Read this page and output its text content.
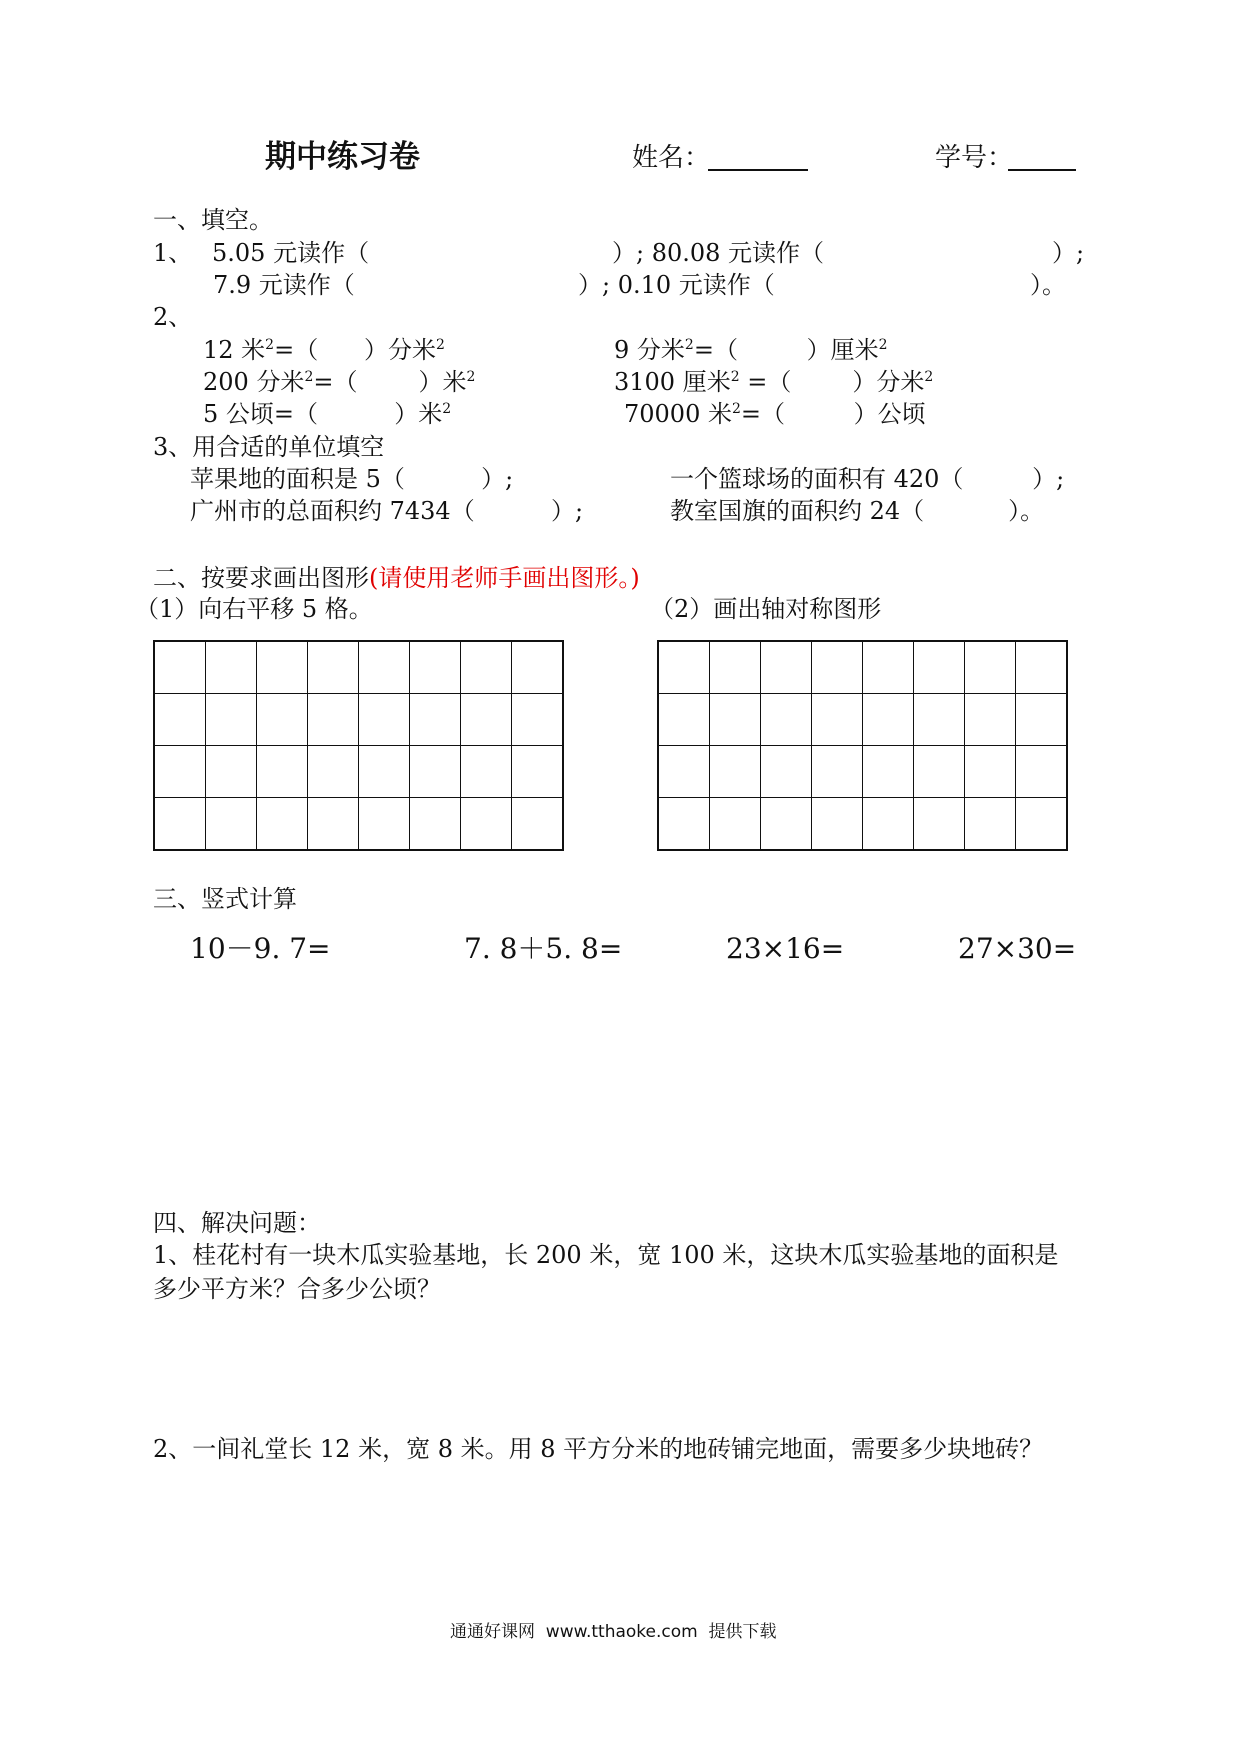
期中练习卷	姓名：	学号：
一、填空。
1、 5.05 元读作（	）; 80.08 元读作（	）;
7.9 元读作（	）; 0.10 元读作（	）。
2、
12 米$^2$=（      ）分米$^2$	9 分米$^2$=（         ）厘米$^2$
200 分米$^2$=（        ）米$^2$	3100 厘米$^2$ =（        ）分米$^2$
5 公顷=（          ）米$^2$	70000 米$^2$=（         ）公顷
3、用合适的单位填空
苹果地的面积是 5（          ）;	一个篮球场的面积有 420（         ）;
广州市的总面积约 7434（          ）;	教室国旗的面积约 24（           ）。
二、按要求画出图形(请使用老师手画出图形。)
（1）向右平移 5 格。	（2）画出轴对称图形

三、竖式计算
10－9. 7=	7. 8＋5. 8=	23×16=	27×30=
四、解决问题：
1、桂花村有一块木瓜实验基地，长 200 米，宽 100 米，这块木瓜实验基地的面积是
多少平方米？合多少公顷？
2、一间礼堂长 12 米，宽 8 米。用 8 平方分米的地砖铺完地面，需要多少块地砖？
通通好课网  www.tthaoke.com  提供下载
